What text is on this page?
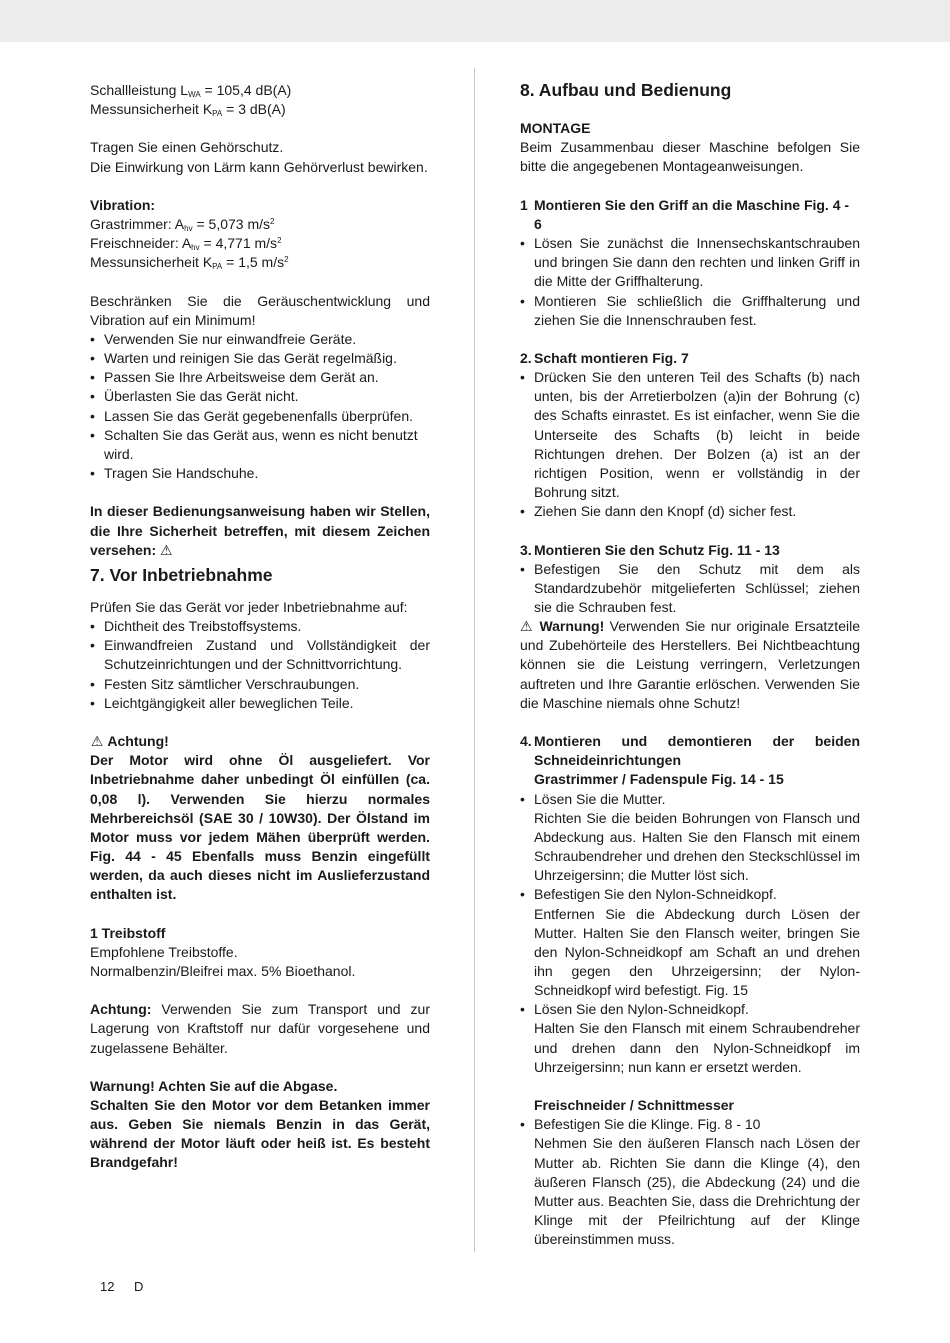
Schallleistung $L_{WA} = 105,4$ dB(A)

Messunsicherheit $K_{PA} = 3$ dB(A)

Tragen Sie einen Gehörschutz.

Die Einwirkung von Lärm kann Gehörverlust bewirken.

Vibration:

Grastrimmer: $A_{hv} = 5,073$ $m/s^2$

Freischneider: $A_{hv} = 4,771$ $m/s^2$

Messunsicherheit $K_{PA} = 1,5$ $m/s^2$

Beschränken Sie die Geräuschentwicklung und Vibration auf ein Minimum!

• Verwenden Sie nur einwandfreie Geräte.
• Warten und reinigen Sie das Gerät regelmäßig.
• Passen Sie Ihre Arbeitsweise dem Gerät an.
• Überlasten Sie das Gerät nicht.
• Lassen Sie das Gerät gegebenenfalls überprüfen.
• Schalten Sie das Gerät aus, wenn es nicht benutzt wird.
• Tragen Sie Handschuhe.

In dieser Bedienungsanweisung haben wir Stellen, die Ihre Sicherheit betreffen, mit diesem Zeichen versehen: ⚠

7. Vor Inbetriebnahme

Prüfen Sie das Gerät vor jeder Inbetriebnahme auf:

• Dichtheit des Treibstoffsystems.
• Einwandfreien Zustand und Vollständigkeit der Schutzeinrichtungen und der Schnittvorrichtung.
• Festen Sitz sämtlicher Verschraubungen.
• Leichtgängigkeit aller beweglichen Teile.

⚠ Achtung!

Der Motor wird ohne Öl ausgeliefert. Vor Inbetriebnahme daher unbedingt Öl einfüllen (ca. 0,08 l). Verwenden Sie hierzu normales Mehrbereichsöl (SAE 30 / 10W30). Der Ölstand im Motor muss vor jedem Mähen überprüft werden. Fig. 44 - 45 Ebenfalls muss Benzin eingefüllt werden, da auch dieses nicht im Auslieferzustand enthalten ist.

1 Treibstoff

Empfohlene Treibstoffe.

Normalbenzin/Bleifrei max. 5% Bioethanol.

Achtung: Verwenden Sie zum Transport und zur Lagerung von Kraftstoff nur dafür vorgesehene und zugelassene Behälter.

Warnung! Achten Sie auf die Abgase.

Schalten Sie den Motor vor dem Betanken immer aus. Geben Sie niemals Benzin in das Gerät, während der Motor läuft oder heiß ist. Es besteht Brandgefahr!

8. Aufbau und Bedienung

MONTAGE

Beim Zusammenbau dieser Maschine befolgen Sie bitte die angegebenen Montageanweisungen.

1 Montieren Sie den Griff an die Maschine Fig. 4 - 6
• Lösen Sie zunächst die Innensechskantschrauben und bringen Sie dann den rechten und linken Griff in die Mitte der Griffhalterung.
• Montieren Sie schließlich die Griffhalterung und ziehen Sie die Innenschrauben fest.
2. Schaft montieren Fig. 7
• Drücken Sie den unteren Teil des Schafts (b) nach unten, bis der Arretierbolzen (a)in der Bohrung (c) des Schafts einrastet. Es ist einfacher, wenn Sie die Unterseite des Schafts (b) leicht in beide Richtungen drehen. Der Bolzen (a) ist an der richtigen Position, wenn er vollständig in der Bohrung sitzt.
• Ziehen Sie dann den Knopf (d) sicher fest.
3. Montieren Sie den Schutz Fig. 11 - 13
• Befestigen Sie den Schutz mit dem als Standardzubehör mitgelieferten Schlüssel; ziehen sie die Schrauben fest.

⚠ Warnung! Verwenden Sie nur originale Ersatzteile und Zubehörteile des Herstellers. Bei Nichtbeachtung können sie die Leistung verringern, Verletzungen auftreten und Ihre Garantie erlöschen. Verwenden Sie die Maschine niemals ohne Schutz!

4. Montieren und demontieren der beiden Schneideinrichtungen

Grastrimmer / Fadenspule Fig. 14 - 15

• Lösen Sie die Mutter.
Richten Sie die beiden Bohrungen von Flansch und Abdeckung aus. Halten Sie den Flansch mit einem Schraubendreher und drehen den Steckschlüssel im Uhrzeigersinn; die Mutter löst sich.
• Befestigen Sie den Nylon-Schneidkopf.
Entfernen Sie die Abdeckung durch Lösen der Mutter. Halten Sie den Flansch weiter, bringen Sie den Nylon-Schneidkopf am Schaft an und drehen ihn gegen den Uhrzeigersinn; der Nylon-Schneidkopf wird befestigt. Fig. 15
• Lösen Sie den Nylon-Schneidkopf.
Halten Sie den Flansch mit einem Schraubendreher und drehen dann den Nylon-Schneidkopf im Uhrzeigersinn; nun kann er ersetzt werden.

Freischneider / Schnittmesser

• Befestigen Sie die Klinge. Fig. 8 - 10
Nehmen Sie den äußeren Flansch nach Lösen der Mutter ab. Richten Sie dann die Klinge (4), den äußeren Flansch (25), die Abdeckung (24) und die Mutter aus. Beachten Sie, dass die Drehrichtung der Klinge mit der Pfeilrichtung auf der Klinge übereinstimmen muss.
12 D
